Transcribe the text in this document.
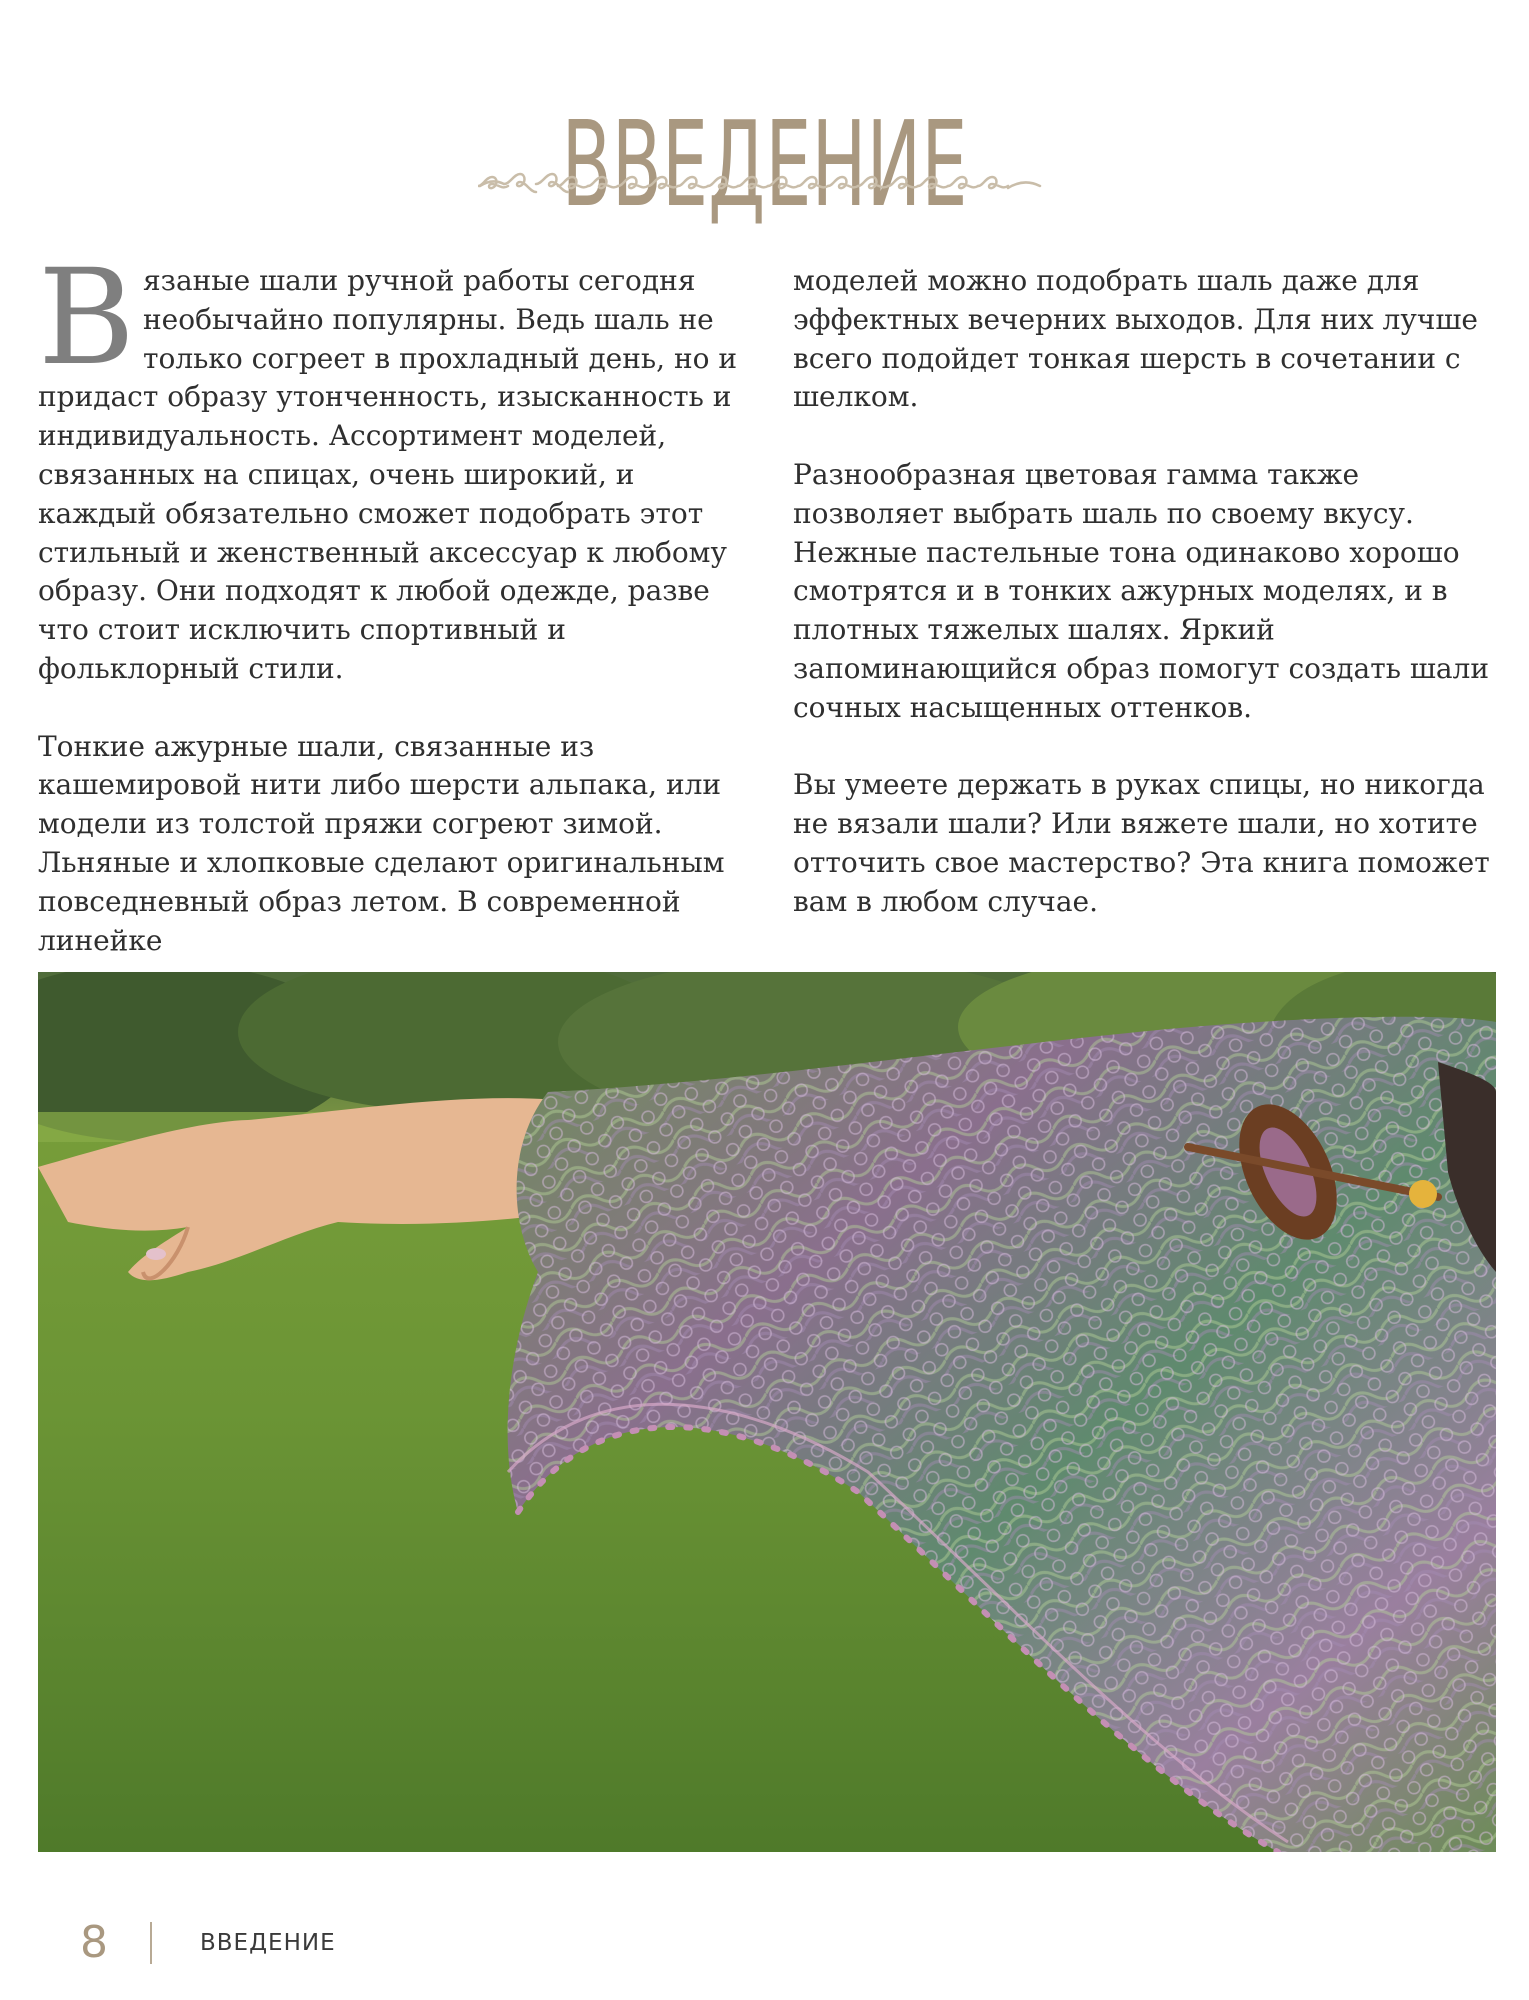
ВВЕДЕНИЕ

Вязаные шали ручной работы сегодня необычайно популярны. Ведь шаль не только согреет в прохладный день, но и придаст образу утонченность, изысканность и индивидуальность. Ассортимент моделей, связанных на спицах, очень широкий, и каждый обязательно сможет подобрать этот стильный и женственный аксессуар к любому образу. Они подходят к любой одежде, разве что стоит исключить спортивный и фольклорный стили.

Тонкие ажурные шали, связанные из кашемировой нити либо шерсти альпака, или модели из толстой пряжи согреют зимой. Льняные и хлопковые сделают оригинальным повседневный образ летом. В современной линейке

моделей можно подобрать шаль даже для эффектных вечерних выходов. Для них лучше всего подойдет тонкая шерсть в сочетании с шелком.

Разнообразная цветовая гамма также позволяет выбрать шаль по своему вкусу. Нежные пастельные тона одинаково хорошо смотрятся и в тонких ажурных моделях, и в плотных тяжелых шалях. Яркий запоминающийся образ помогут создать шали сочных насыщенных оттенков.

Вы умеете держать в руках спицы, но никогда не вязали шали? Или вяжете шали, но хотите отточить свое мастерство? Эта книга поможет вам в любом случае.

8	ВВЕДЕНИЕ
